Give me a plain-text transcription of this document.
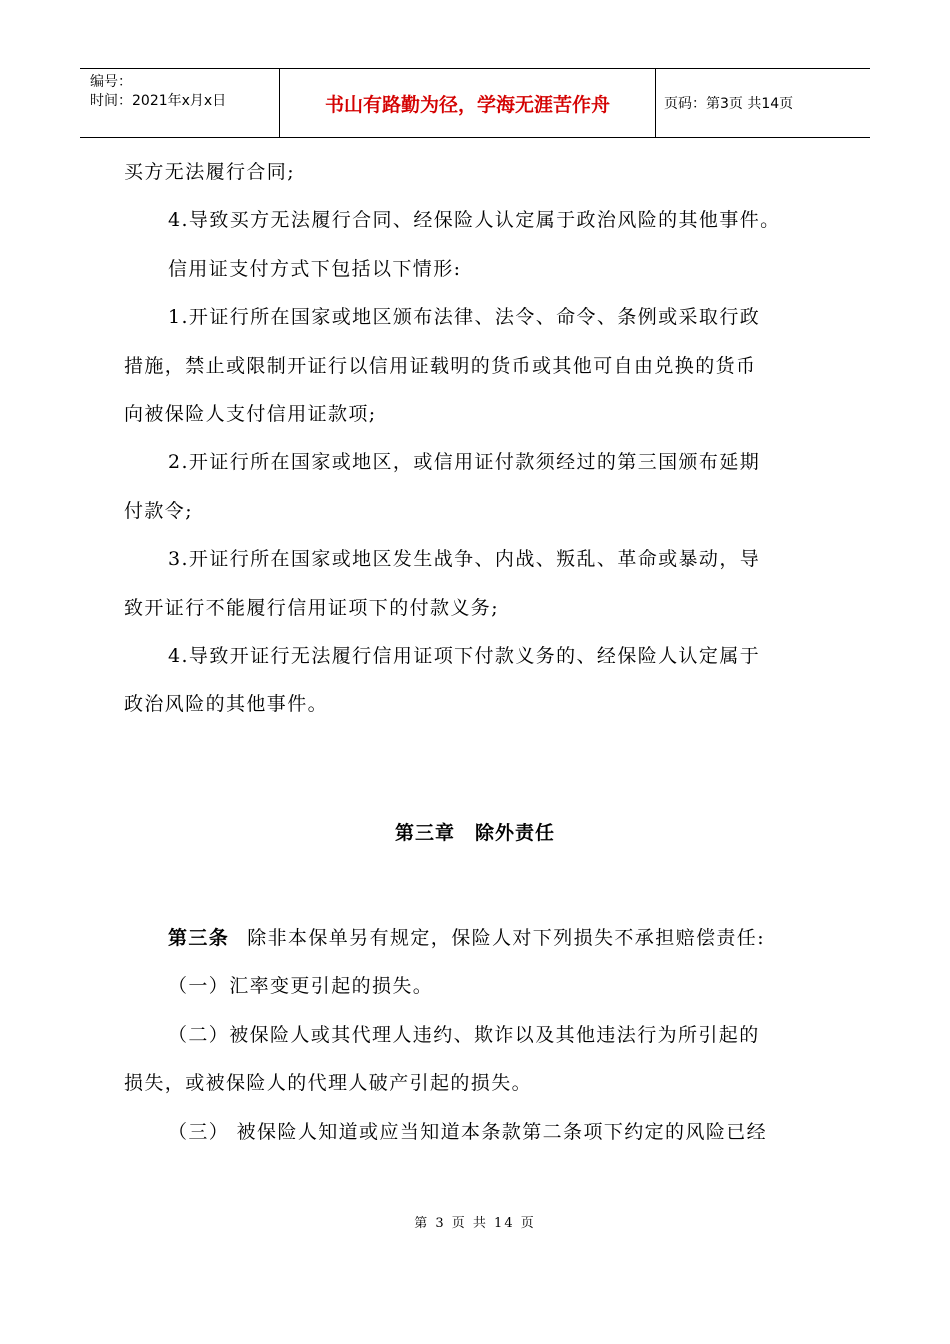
编号：
时间：2021年x月x日	书山有路勤为径，学海无涯苦作舟	页码：第3页 共14页

买方无法履行合同;

4.导致买方无法履行合同、经保险人认定属于政治风险的其他事件。

信用证支付方式下包括以下情形:

1.开证行所在国家或地区颁布法律、法令、命令、条例或采取行政

措施，禁止或限制开证行以信用证载明的货币或其他可自由兑换的货币

向被保险人支付信用证款项;

2.开证行所在国家或地区，或信用证付款须经过的第三国颁布延期

付款令;

3.开证行所在国家或地区发生战争、内战、叛乱、革命或暴动，导

致开证行不能履行信用证项下的付款义务;

4.导致开证行无法履行信用证项下付款义务的、经保险人认定属于

政治风险的其他事件。

第三章　除外责任

第三条 除非本保单另有规定，保险人对下列损失不承担赔偿责任:

（一）汇率变更引起的损失。

（二）被保险人或其代理人违约、欺诈以及其他违法行为所引起的

损失，或被保险人的代理人破产引起的损失。

（三） 被保险人知道或应当知道本条款第二条项下约定的风险已经

第 3 页 共 14 页
